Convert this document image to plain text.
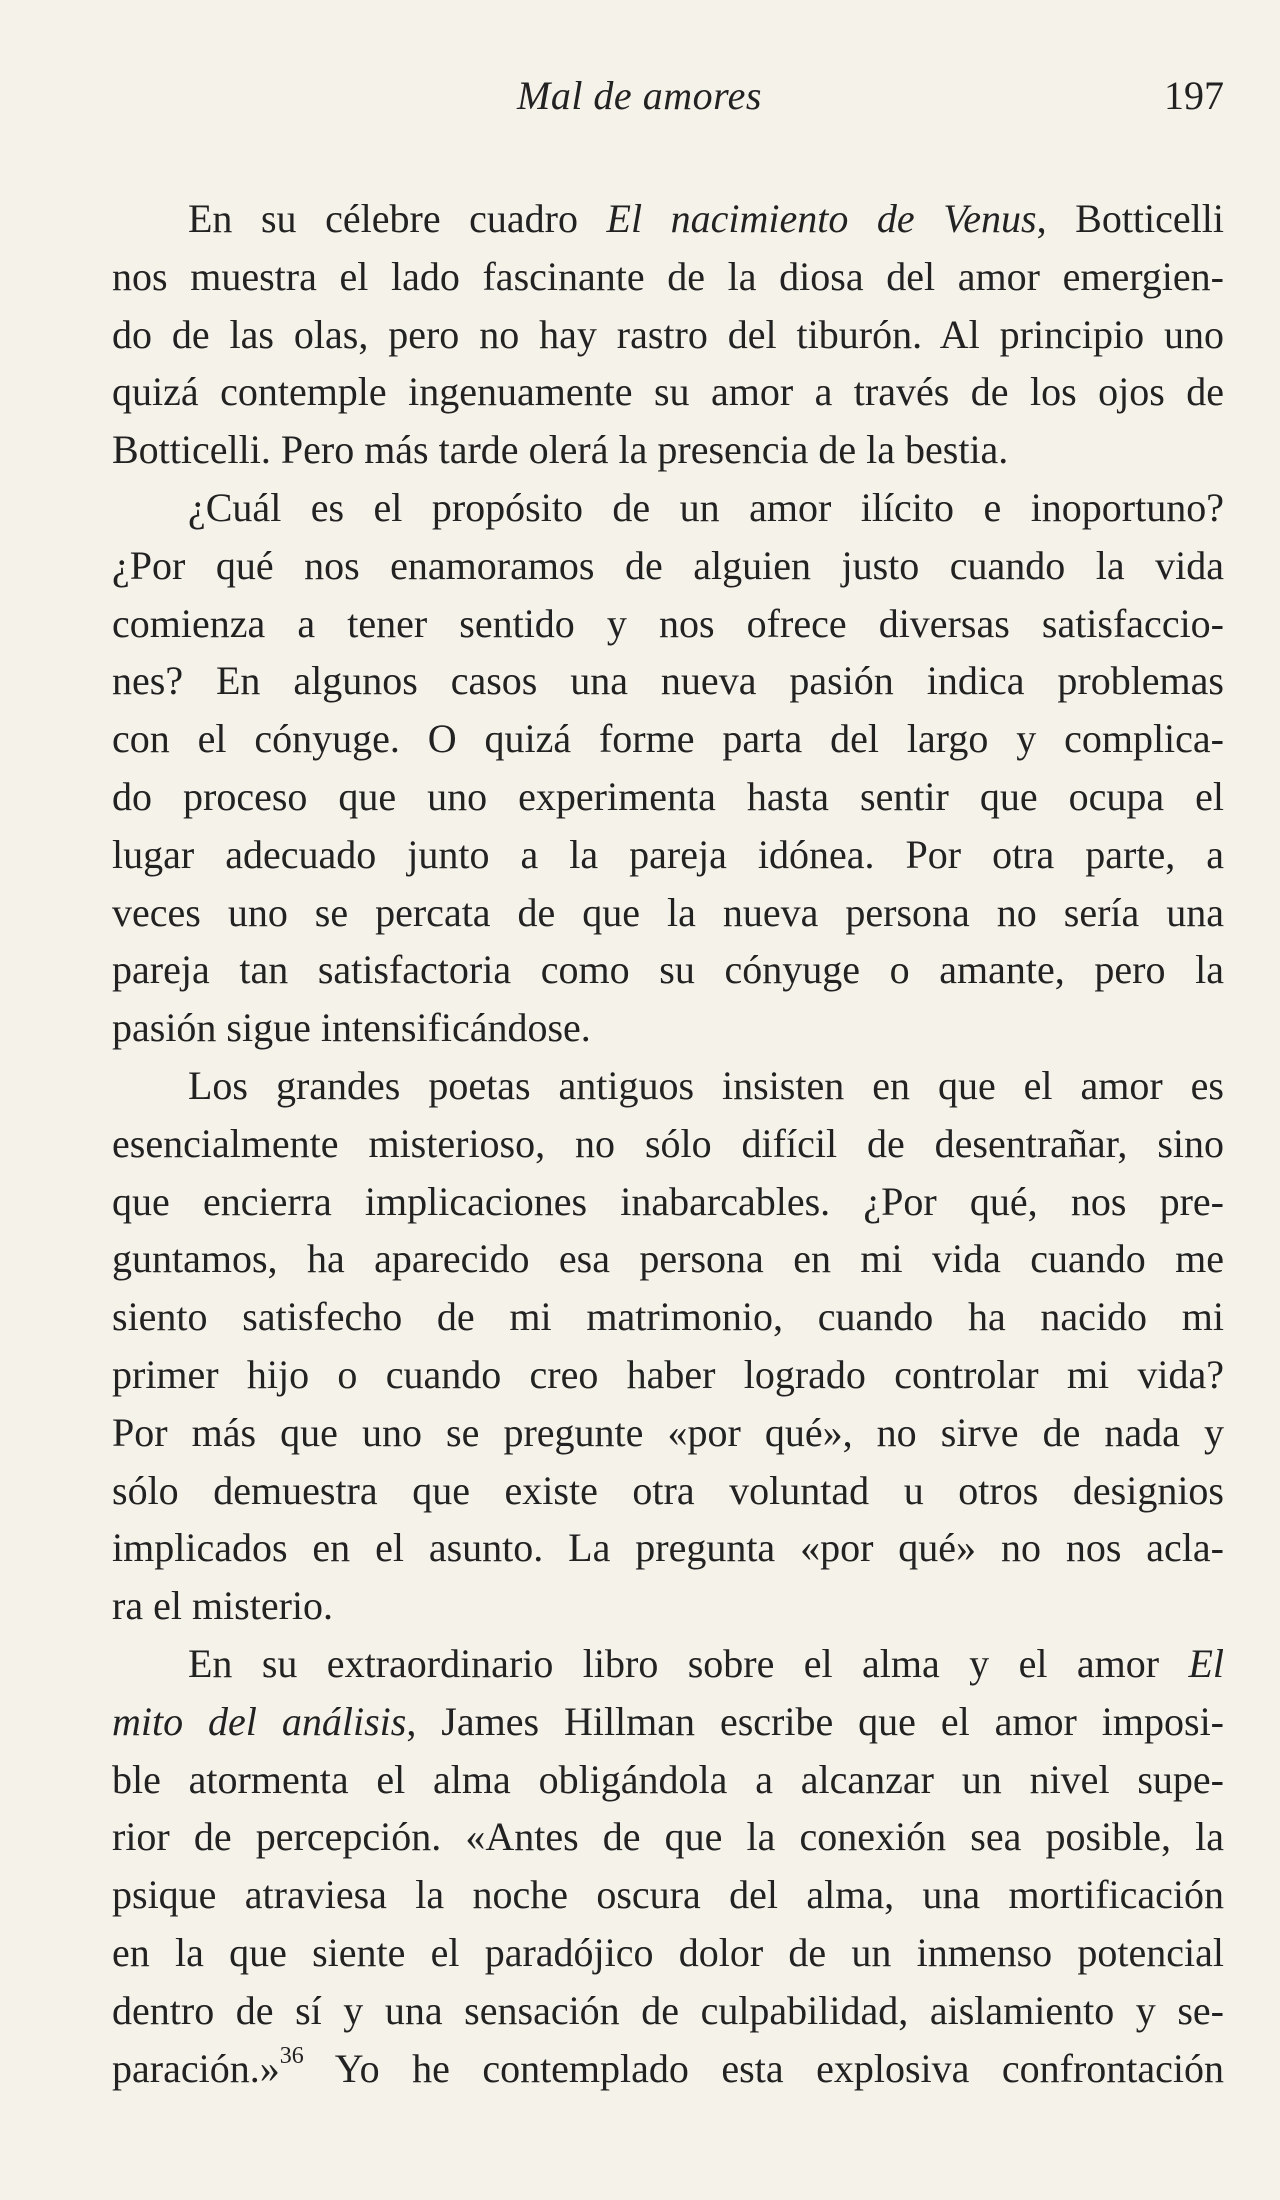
Mal de amores	197
En su célebre cuadro El nacimiento de Venus, Botticelli
nos muestra el lado fascinante de la diosa del amor emergien-
do de las olas, pero no hay rastro del tiburón. Al principio uno
quizá contemple ingenuamente su amor a través de los ojos de
Botticelli. Pero más tarde olerá la presencia de la bestia.
¿Cuál es el propósito de un amor ilícito e inoportuno?
¿Por qué nos enamoramos de alguien justo cuando la vida
comienza a tener sentido y nos ofrece diversas satisfaccio-
nes? En algunos casos una nueva pasión indica problemas
con el cónyuge. O quizá forme parta del largo y complica-
do proceso que uno experimenta hasta sentir que ocupa el
lugar adecuado junto a la pareja idónea. Por otra parte, a
veces uno se percata de que la nueva persona no sería una
pareja tan satisfactoria como su cónyuge o amante, pero la
pasión sigue intensificándose.
Los grandes poetas antiguos insisten en que el amor es
esencialmente misterioso, no sólo difícil de desentrañar, sino
que encierra implicaciones inabarcables. ¿Por qué, nos pre-
guntamos, ha aparecido esa persona en mi vida cuando me
siento satisfecho de mi matrimonio, cuando ha nacido mi
primer hijo o cuando creo haber logrado controlar mi vida?
Por más que uno se pregunte «por qué», no sirve de nada y
sólo demuestra que existe otra voluntad u otros designios
implicados en el asunto. La pregunta «por qué» no nos acla-
ra el misterio.
En su extraordinario libro sobre el alma y el amor El
mito del análisis, James Hillman escribe que el amor imposi-
ble atormenta el alma obligándola a alcanzar un nivel supe-
rior de percepción. «Antes de que la conexión sea posible, la
psique atraviesa la noche oscura del alma, una mortificación
en la que siente el paradójico dolor de un inmenso potencial
dentro de sí y una sensación de culpabilidad, aislamiento y se-
paración.»$^{36}$ Yo he contemplado esta explosiva confrontación
